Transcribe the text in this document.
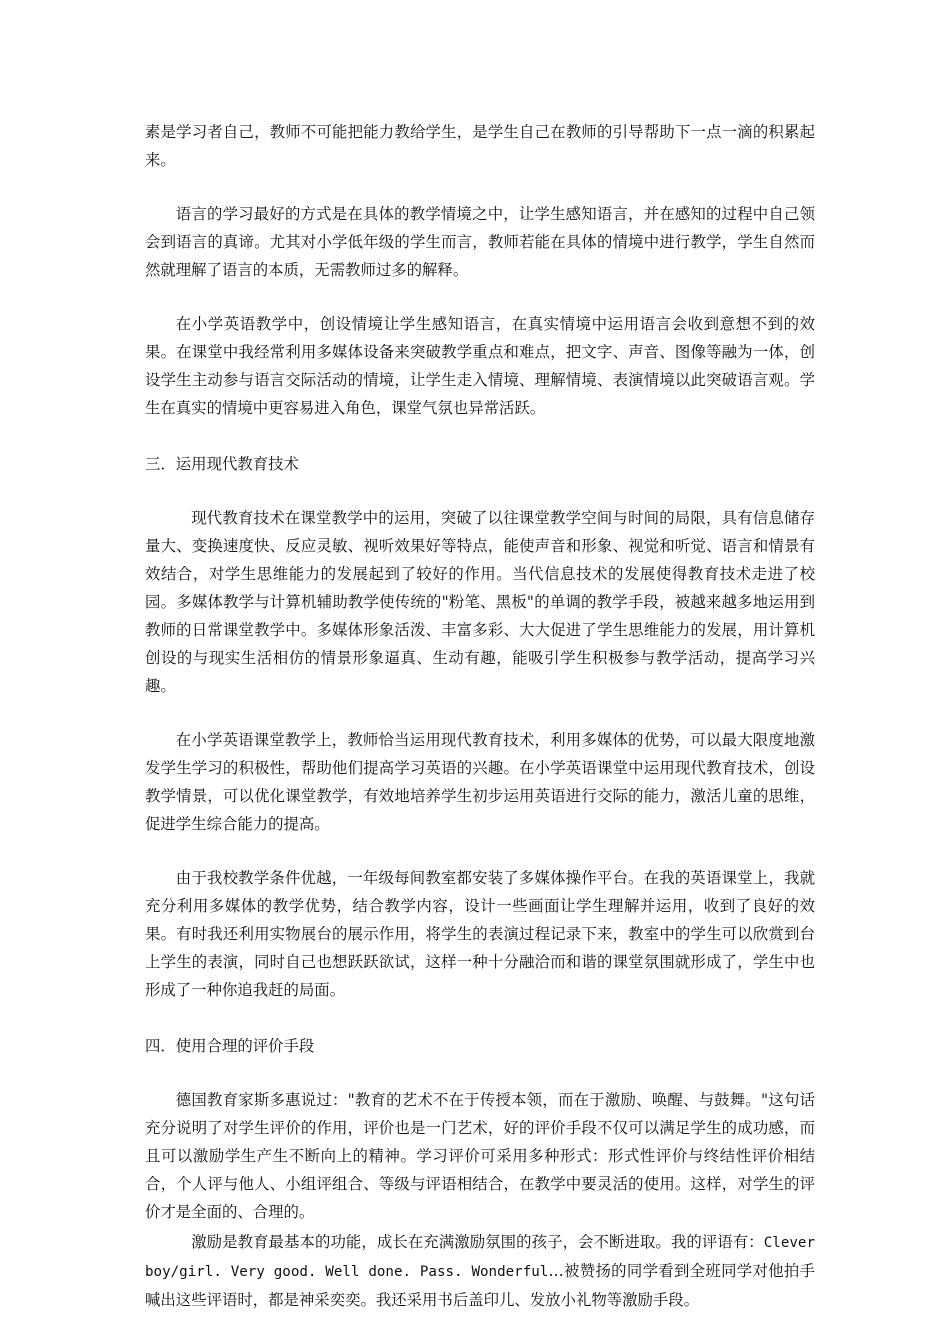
素是学习者自己，教师不可能把能力教给学生，是学生自己在教师的引导帮助下一点一滴的积累起来。

语言的学习最好的方式是在具体的教学情境之中，让学生感知语言，并在感知的过程中自己领会到语言的真谛。尤其对小学低年级的学生而言，教师若能在具体的情境中进行教学，学生自然而然就理解了语言的本质，无需教师过多的解释。

在小学英语教学中，创设情境让学生感知语言，在真实情境中运用语言会收到意想不到的效果。在课堂中我经常利用多媒体设备来突破教学重点和难点，把文字、声音、图像等融为一体，创设学生主动参与语言交际活动的情境，让学生走入情境、理解情境、表演情境以此突破语言观。学生在真实的情境中更容易进入角色，课堂气氛也异常活跃。

三．运用现代教育技术

现代教育技术在课堂教学中的运用，突破了以往课堂教学空间与时间的局限，具有信息储存量大、变换速度快、反应灵敏、视听效果好等特点，能使声音和形象、视觉和听觉、语言和情景有效结合，对学生思维能力的发展起到了较好的作用。当代信息技术的发展使得教育技术走进了校园。多媒体教学与计算机辅助教学使传统的"粉笔、黑板"的单调的教学手段，被越来越多地运用到教师的日常课堂教学中。多媒体形象活泼、丰富多彩、大大促进了学生思维能力的发展，用计算机创设的与现实生活相仿的情景形象逼真、生动有趣，能吸引学生积极参与教学活动，提高学习兴趣。

在小学英语课堂教学上，教师恰当运用现代教育技术，利用多媒体的优势，可以最大限度地激发学生学习的积极性，帮助他们提高学习英语的兴趣。在小学英语课堂中运用现代教育技术，创设教学情景，可以优化课堂教学，有效地培养学生初步运用英语进行交际的能力，激活儿童的思维，促进学生综合能力的提高。

由于我校教学条件优越，一年级每间教室都安装了多媒体操作平台。在我的英语课堂上，我就充分利用多媒体的教学优势，结合教学内容，设计一些画面让学生理解并运用，收到了良好的效果。有时我还利用实物展台的展示作用，将学生的表演过程记录下来，教室中的学生可以欣赏到台上学生的表演，同时自己也想跃跃欲试，这样一种十分融洽而和谐的课堂氛围就形成了，学生中也形成了一种你追我赶的局面。

四．使用合理的评价手段

德国教育家斯多惠说过："教育的艺术不在于传授本领，而在于激励、唤醒、与鼓舞。"这句话充分说明了对学生评价的作用，评价也是一门艺术，好的评价手段不仅可以满足学生的成功感，而且可以激励学生产生不断向上的精神。学习评价可采用多种形式：形式性评价与终结性评价相结合，个人评与他人、小组评组合、等级与评语相结合，在教学中要灵活的使用。这样，对学生的评价才是全面的、合理的。

激励是教育最基本的功能，成长在充满激励氛围的孩子，会不断进取。我的评语有：Clever boy/girl. Very good. Well done. Pass. Wonderful…被赞扬的同学看到全班同学对他拍手喊出这些评语时，都是神采奕奕。我还采用书后盖印儿、发放小礼物等激励手段。
